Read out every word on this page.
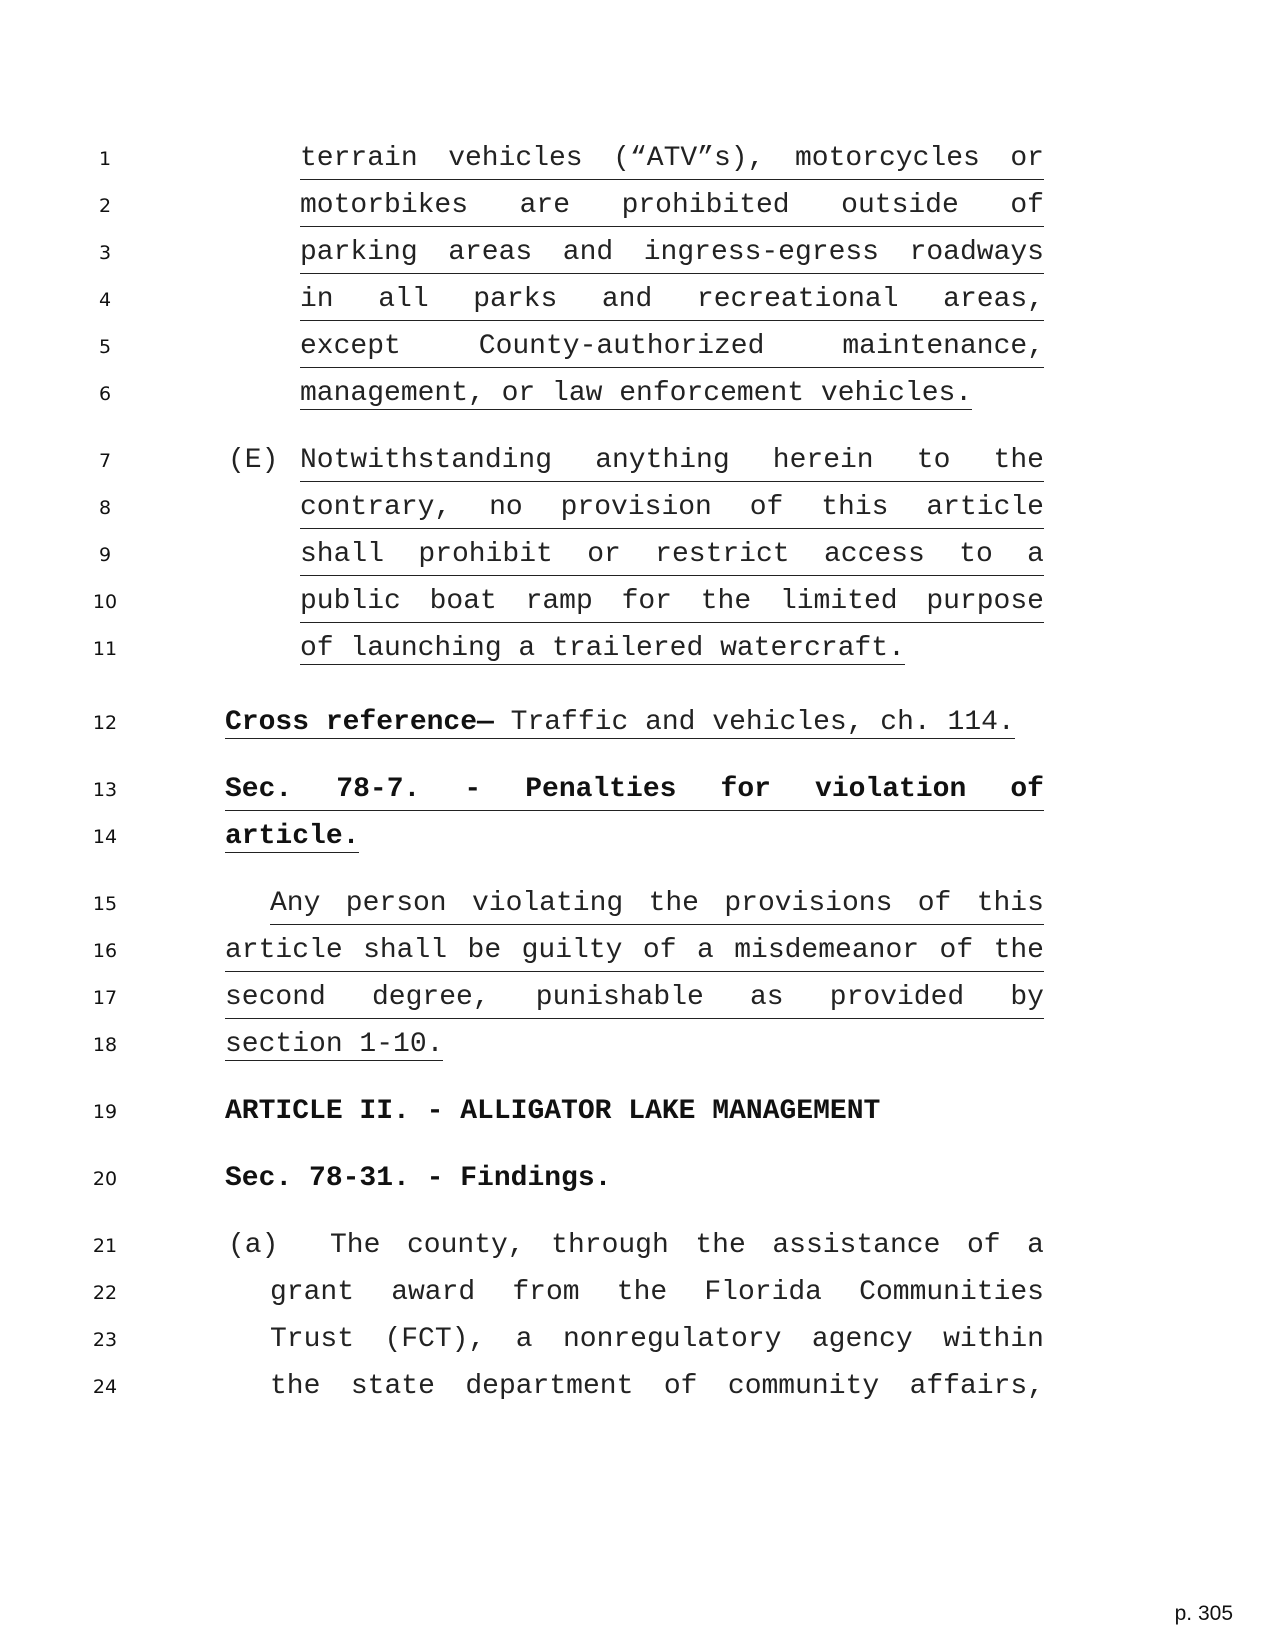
1
2
3
4
5
6
7
8
9
10
11
12
13
14
15
16
17
18
19
20
21
22
23
24
terrain vehicles (“ATV”s), motorcycles or
motorbikes are prohibited outside of
parking areas and ingress-egress roadways
in all parks and recreational areas,
except	County-authorized	maintenance,
management, or law enforcement vehicles.
(E) Notwithstanding anything herein to the
contrary, no provision of this article
shall prohibit or restrict access to a
public boat ramp for the limited purpose
of launching a trailered watercraft.
Cross reference— Traffic and vehicles, ch. 114.
Sec. 78-7. - Penalties for violation of
article.
Any person violating the provisions of this
article shall be guilty of a misdemeanor of the
second degree, punishable as provided by
section 1-10.
ARTICLE II. - ALLIGATOR LAKE MANAGEMENT
Sec. 78-31. - Findings.
(a) The county, through the assistance of a
grant award from the Florida Communities
Trust (FCT), a nonregulatory agency within
the state department of community affairs,
p. 305
